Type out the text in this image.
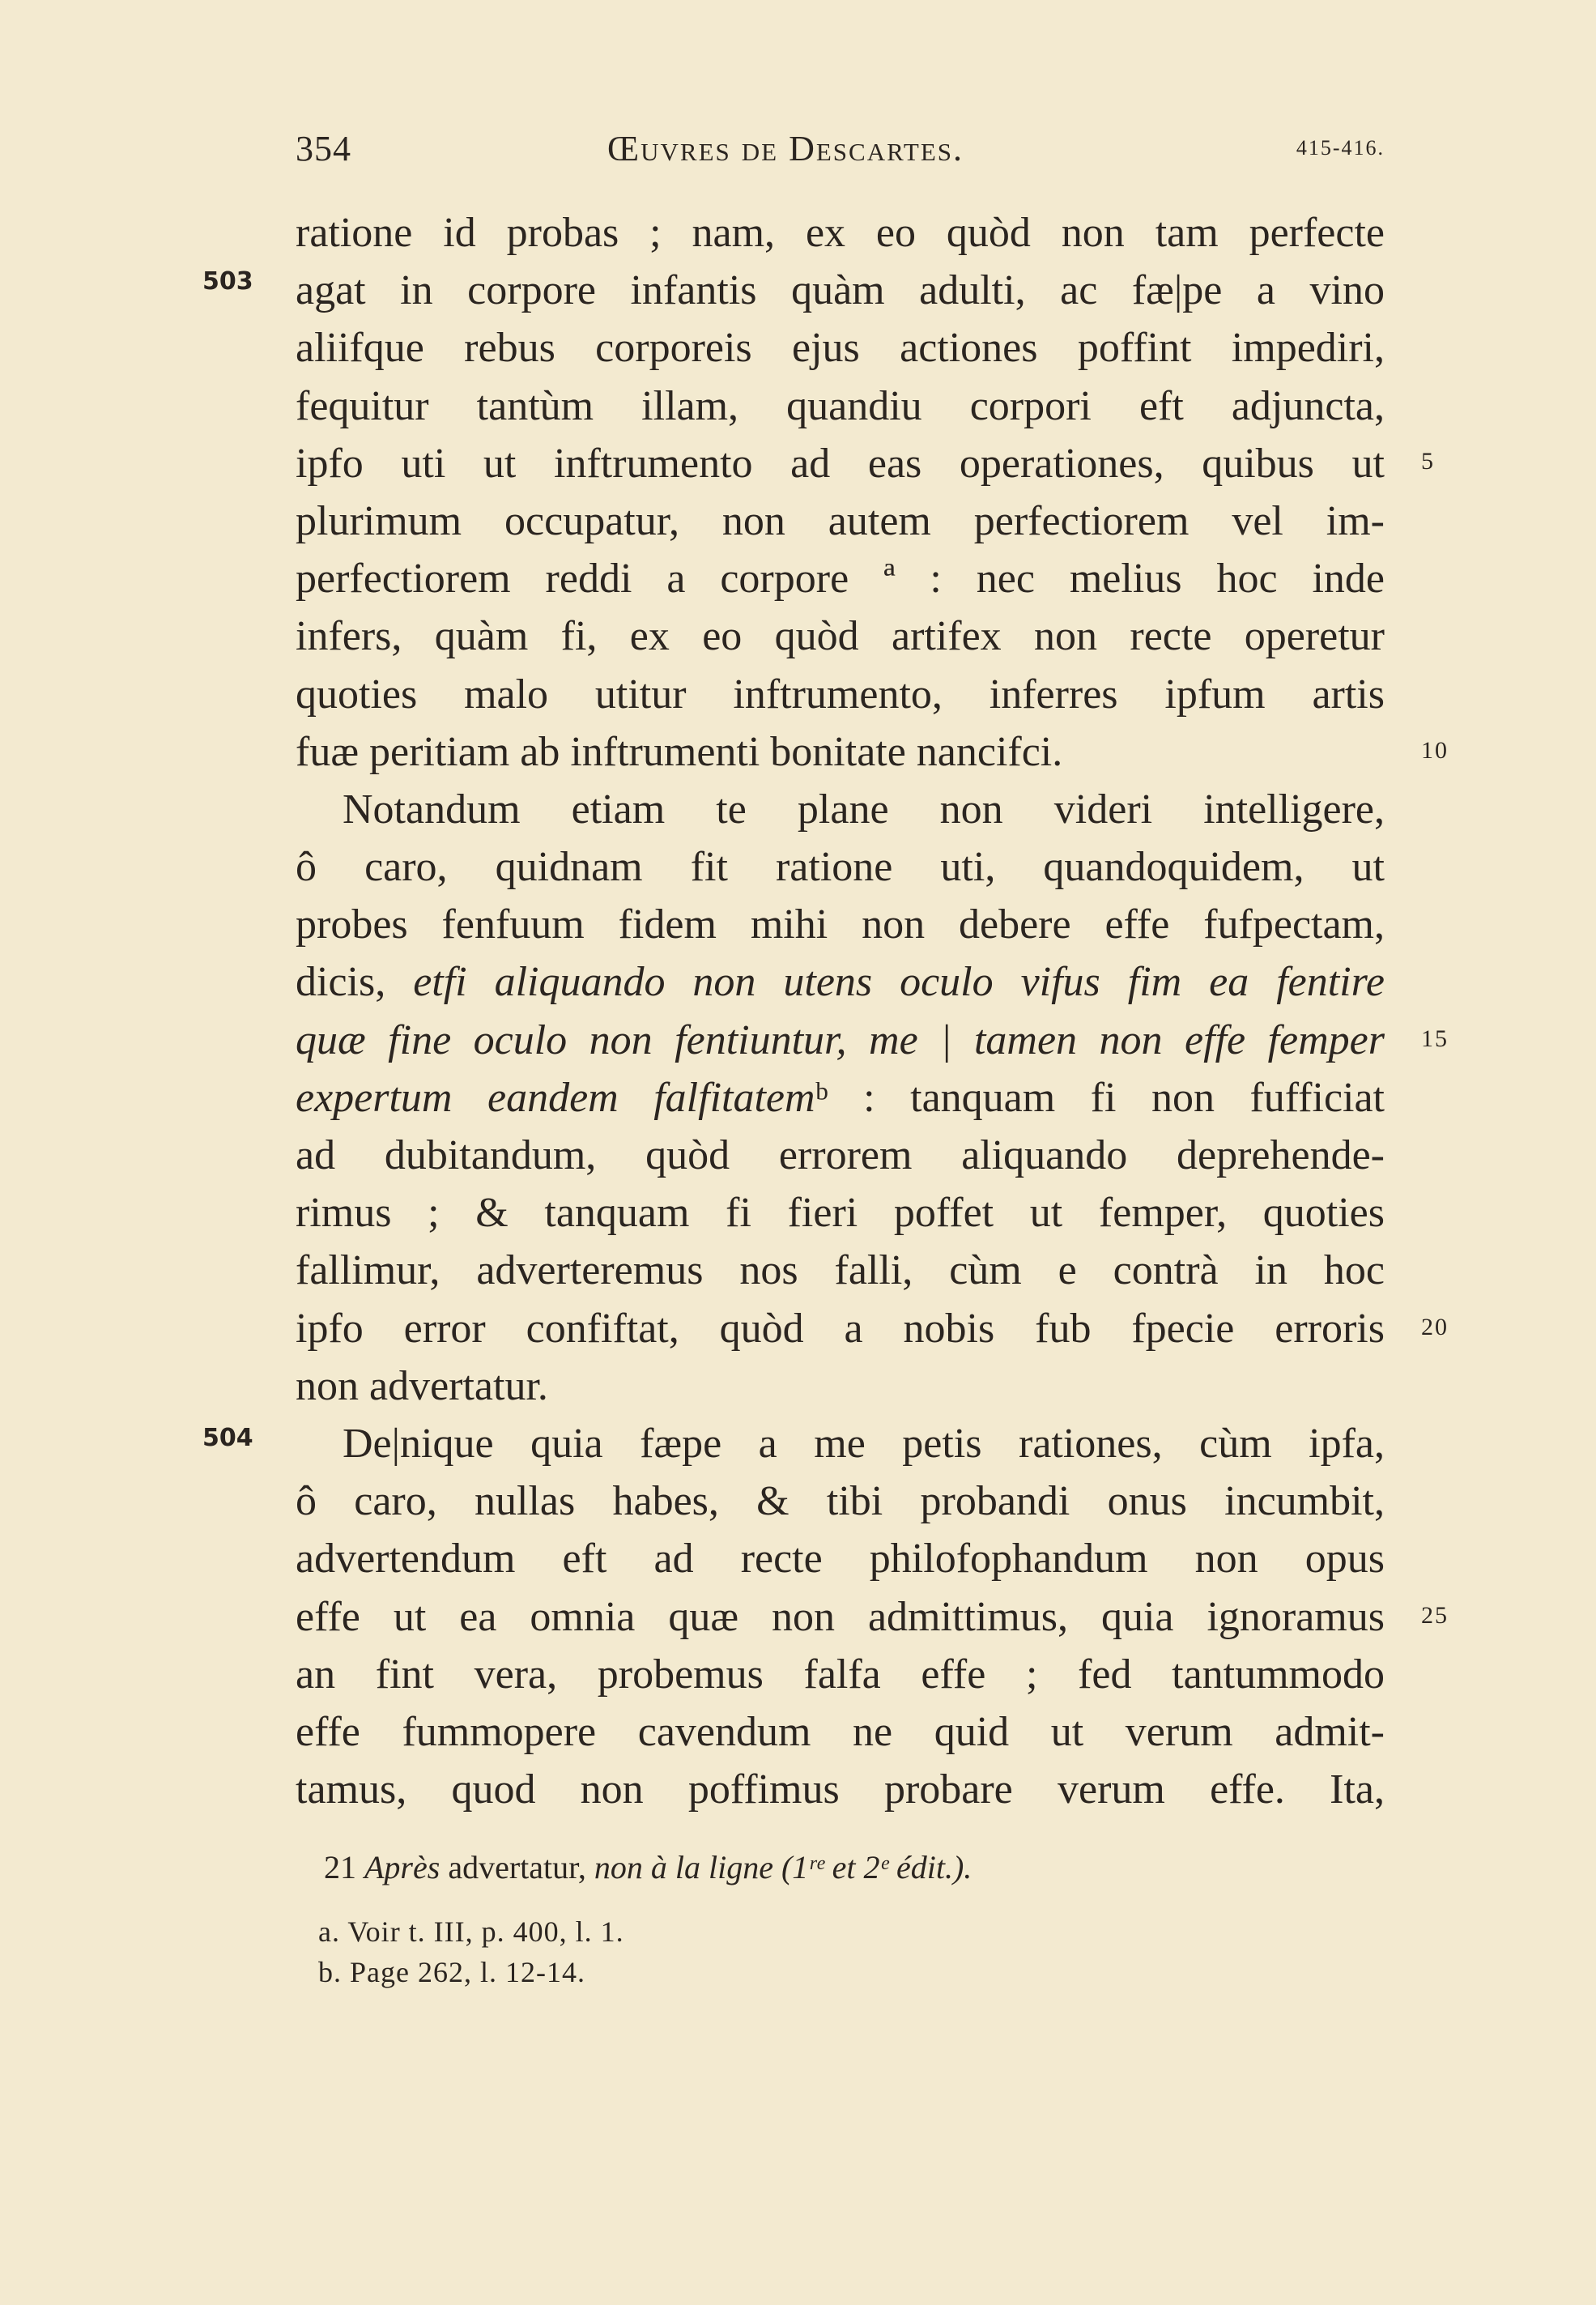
354	Œuvres de Descartes.	415-416.
503
504
5
10
15
20
25
ratione id probas ; nam, ex eo quòd non tam perfecte
agat in corpore infantis quàm adulti, ac fæ|pe a vino
aliifque rebus corporeis ejus actiones poffint impediri,
fequitur tantùm illam, quandiu corpori eft adjuncta,
ipfo uti ut inftrumento ad eas operationes, quibus ut
plurimum occupatur, non autem perfectiorem vel im-
perfectiorem reddi a corpore ª : nec melius hoc inde
infers, quàm fi, ex eo quòd artifex non recte operetur
quoties malo utitur inftrumento, inferres ipfum artis
fuæ peritiam ab inftrumenti bonitate nancifci.
Notandum etiam te plane non videri intelligere,
ô caro, quidnam fit ratione uti, quandoquidem, ut
probes fenfuum fidem mihi non debere effe fufpectam,
dicis, etfi aliquando non utens oculo vifus fim ea fentire
quæ fine oculo non fentiuntur, me | tamen non effe femper
expertum eandem falfitatemᵇ : tanquam fi non fufficiat
ad dubitandum, quòd errorem aliquando deprehende-
rimus ; & tanquam fi fieri poffet ut femper, quoties
fallimur, adverteremus nos falli, cùm e contrà in hoc
ipfo error confiftat, quòd a nobis fub fpecie erroris
non advertatur.
De|nique quia fæpe a me petis rationes, cùm ipfa,
ô caro, nullas habes, & tibi probandi onus incumbit,
advertendum eft ad recte philofophandum non opus
effe ut ea omnia quæ non admittimus, quia ignoramus
an fint vera, probemus falfa effe ; fed tantummodo
effe fummopere cavendum ne quid ut verum admit-
tamus, quod non poffimus probare verum effe. Ita,
21 Après advertatur, non à la ligne (1ʳᵉ et 2ᵉ édit.).
a. Voir t. III, p. 400, l. 1.
b. Page 262, l. 12-14.
